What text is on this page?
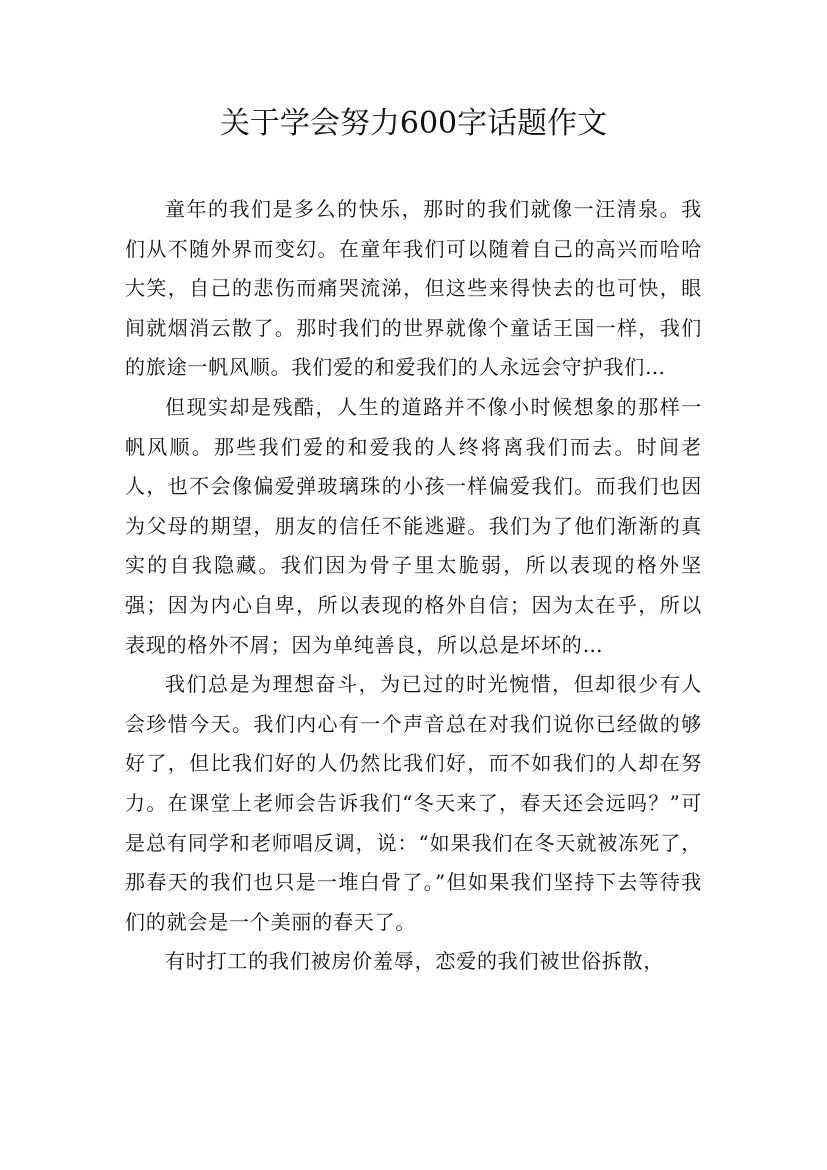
关于学会努力600字话题作文

童年的我们是多么的快乐，那时的我们就像一汪清泉。我们从不随外界而变幻。在童年我们可以随着自己的高兴而哈哈大笑，自己的悲伤而痛哭流涕，但这些来得快去的也可快，眼间就烟消云散了。那时我们的世界就像个童话王国一样，我们的旅途一帆风顺。我们爱的和爱我们的人永远会守护我们…

但现实却是残酷，人生的道路并不像小时候想象的那样一帆风顺。那些我们爱的和爱我的人终将离我们而去。时间老人，也不会像偏爱弹玻璃珠的小孩一样偏爱我们。而我们也因为父母的期望，朋友的信任不能逃避。我们为了他们渐渐的真实的自我隐藏。我们因为骨子里太脆弱，所以表现的格外坚强；因为内心自卑，所以表现的格外自信；因为太在乎，所以表现的格外不屑；因为单纯善良，所以总是坏坏的…

我们总是为理想奋斗，为已过的时光惋惜，但却很少有人会珍惜今天。我们内心有一个声音总在对我们说你已经做的够好了，但比我们好的人仍然比我们好，而不如我们的人却在努力。在课堂上老师会告诉我们“冬天来了，春天还会远吗？”可是总有同学和老师唱反调，说：“如果我们在冬天就被冻死了，那春天的我们也只是一堆白骨了。”但如果我们坚持下去等待我们的就会是一个美丽的春天了。

有时打工的我们被房价羞辱，恋爱的我们被世俗拆散，
